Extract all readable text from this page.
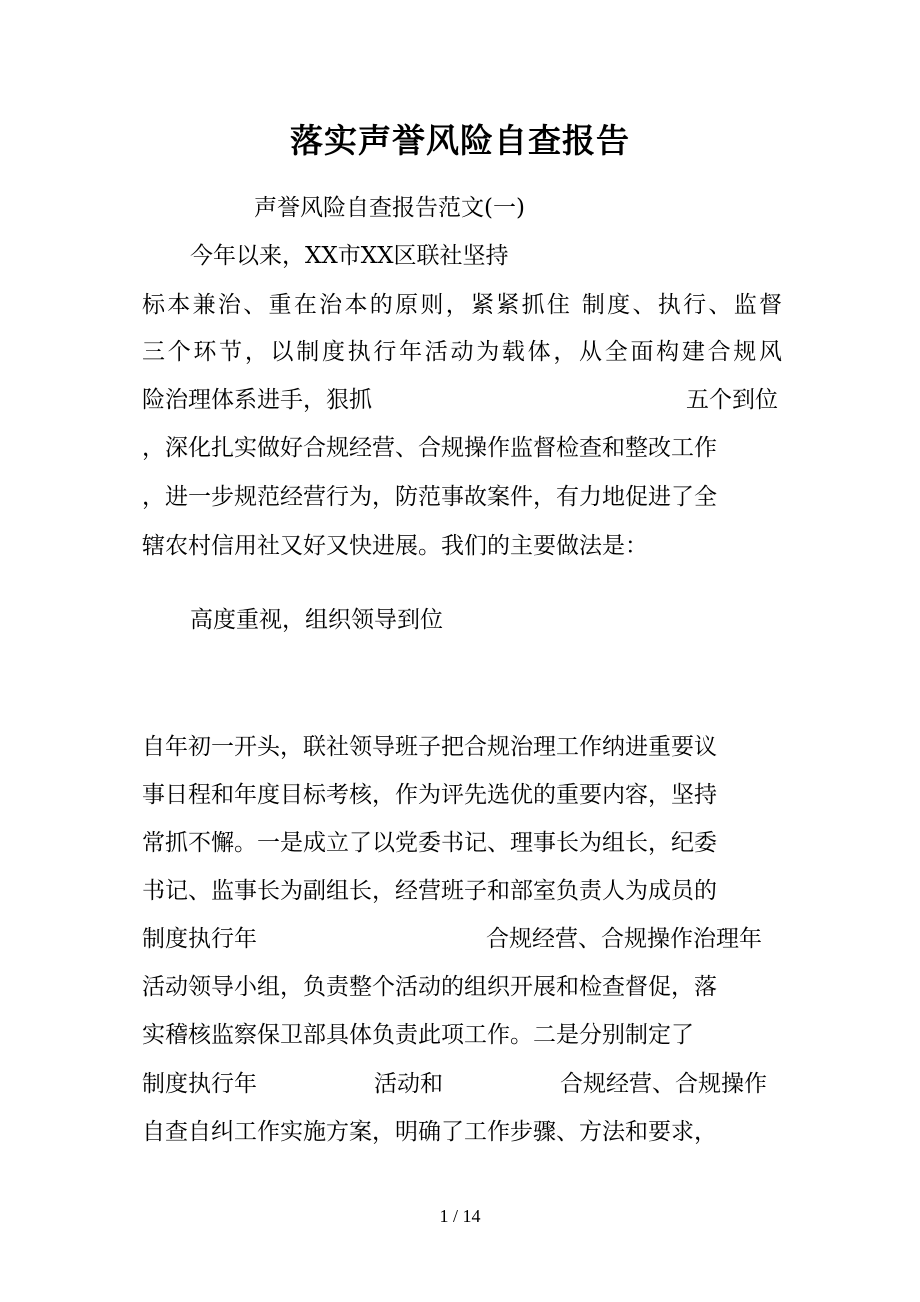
落实声誉风险自查报告
声誉风险自查报告范文(一)
今年以来，XX市XX区联社坚持
标本兼治、重在治本的原则，紧紧抓住 制度、执行、监督
三个环节，以制度执行年活动为载体，从全面构建合规风
险治理体系进手，狠抓	五个到位
，深化扎实做好合规经营、合规操作监督检查和整改工作
，进一步规范经营行为，防范事故案件，有力地促进了全
辖农村信用社又好又快进展。我们的主要做法是：
高度重视，组织领导到位
自年初一开头，联社领导班子把合规治理工作纳进重要议
事日程和年度目标考核，作为评先选优的重要内容，坚持
常抓不懈。一是成立了以党委书记、理事长为组长，纪委
书记、监事长为副组长，经营班子和部室负责人为成员的
制度执行年	合规经营、合规操作治理年
活动领导小组，负责整个活动的组织开展和检查督促，落
实稽核监察保卫部具体负责此项工作。二是分别制定了
制度执行年	活动和	合规经营、合规操作
自查自纠工作实施方案，明确了工作步骤、方法和要求，
1 / 14
